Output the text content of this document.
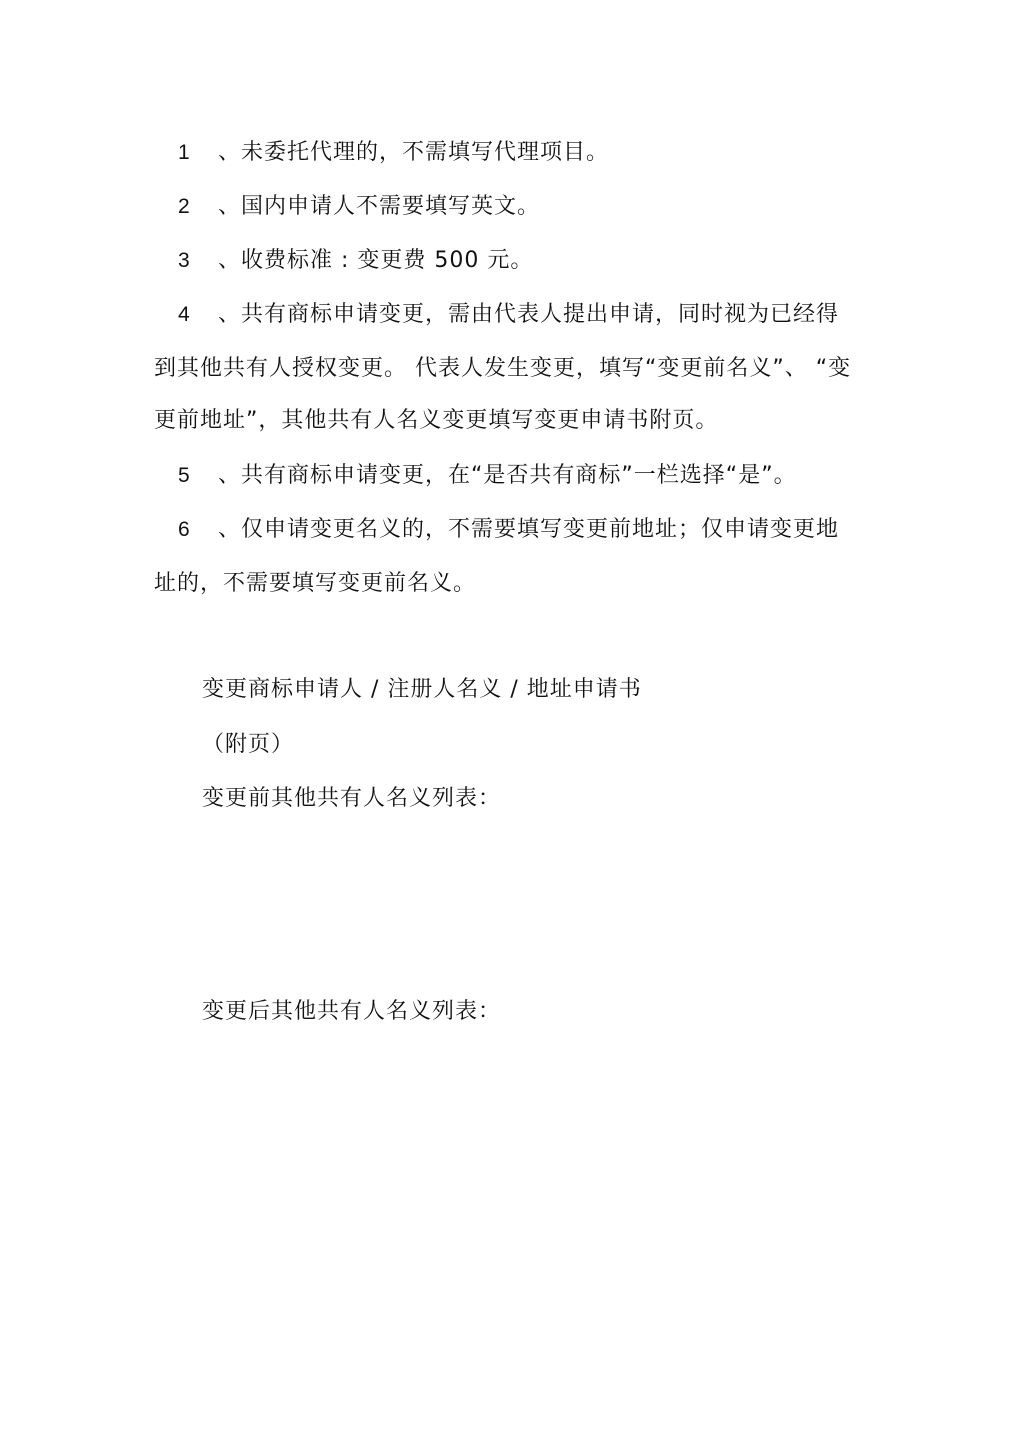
1 、未委托代理的，不需填写代理项目。
2 、国内申请人不需要填写英文。
3 、收费标准 : 变更费 500 元。
4 、共有商标申请变更，需由代表人提出申请，同时视为已经得
到其他共有人授权变更。 代表人发生变更，填写“变更前名义”、 “变
更前地址”，其他共有人名义变更填写变更申请书附页。
5 、共有商标申请变更，在“是否共有商标”一栏选择“是”。
6 、仅申请变更名义的，不需要填写变更前地址；仅申请变更地
址的，不需要填写变更前名义。
变更商标申请人 / 注册人名义 / 地址申请书
（附页）
变更前其他共有人名义列表：
变更后其他共有人名义列表：
